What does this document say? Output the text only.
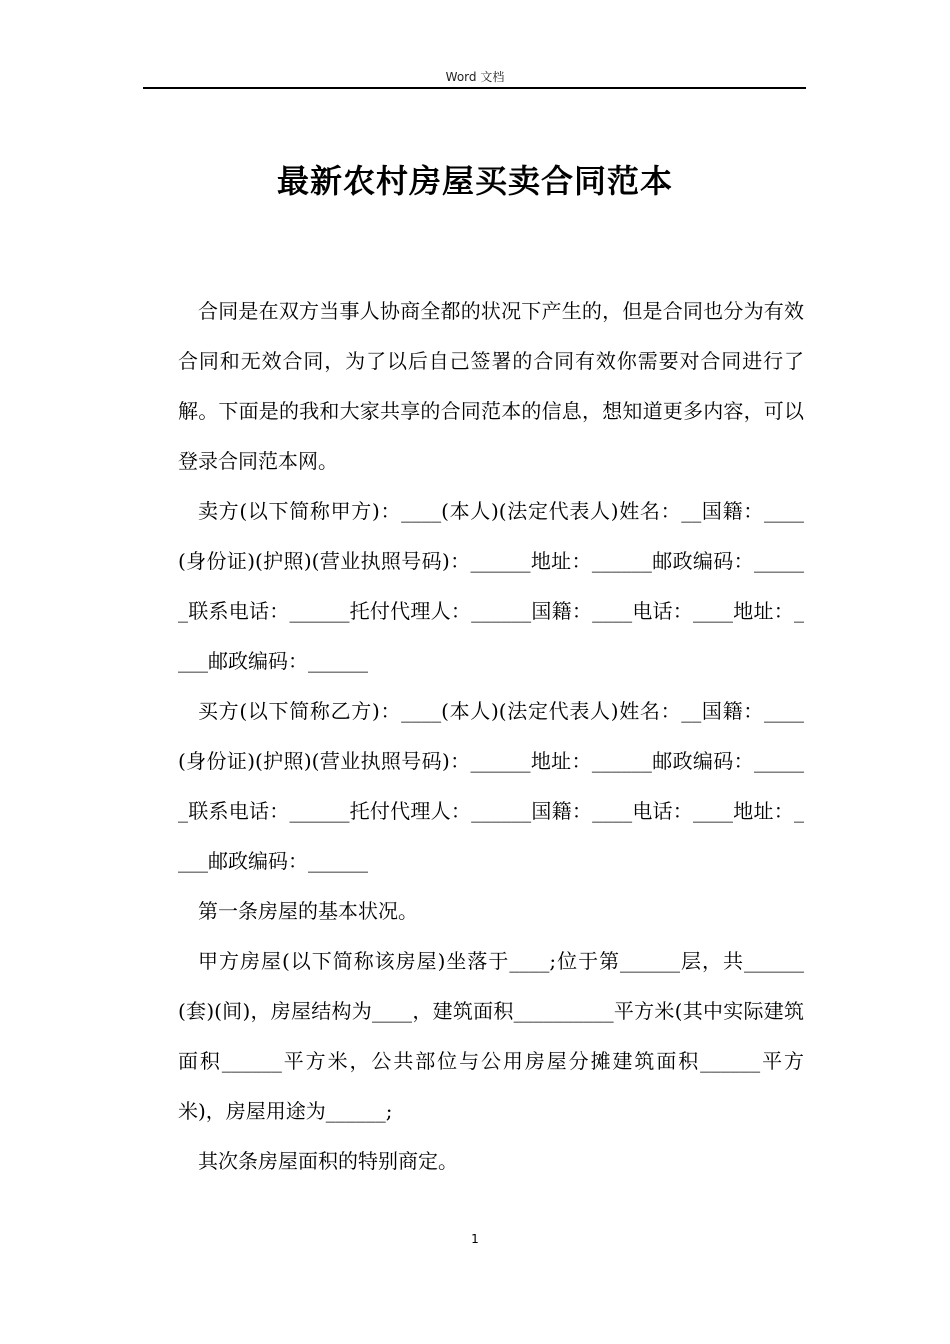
Word 文档
最新农村房屋买卖合同范本

合同是在双方当事人协商全都的状况下产生的，但是合同也分为有效合同和无效合同，为了以后自己签署的合同有效你需要对合同进行了解。下面是的我和大家共享的合同范本的信息，想知道更多内容，可以登录合同范本网。

卖方(以下简称甲方)：____(本人)(法定代表人)姓名：__国籍：____(身份证)(护照)(营业执照号码)：______地址：______邮政编码：______联系电话：______托付代理人：______国籍：____电话：____地址：____邮政编码：______

买方(以下简称乙方)：____(本人)(法定代表人)姓名：__国籍：____(身份证)(护照)(营业执照号码)：______地址：______邮政编码：______联系电话：______托付代理人：______国籍：____电话：____地址：____邮政编码：______

第一条房屋的基本状况。

甲方房屋(以下简称该房屋)坐落于____;位于第______层，共______(套)(间)，房屋结构为____，建筑面积__________平方米(其中实际建筑面积______平方米，公共部位与公用房屋分摊建筑面积______平方米)，房屋用途为______;

其次条房屋面积的特别商定。

1
